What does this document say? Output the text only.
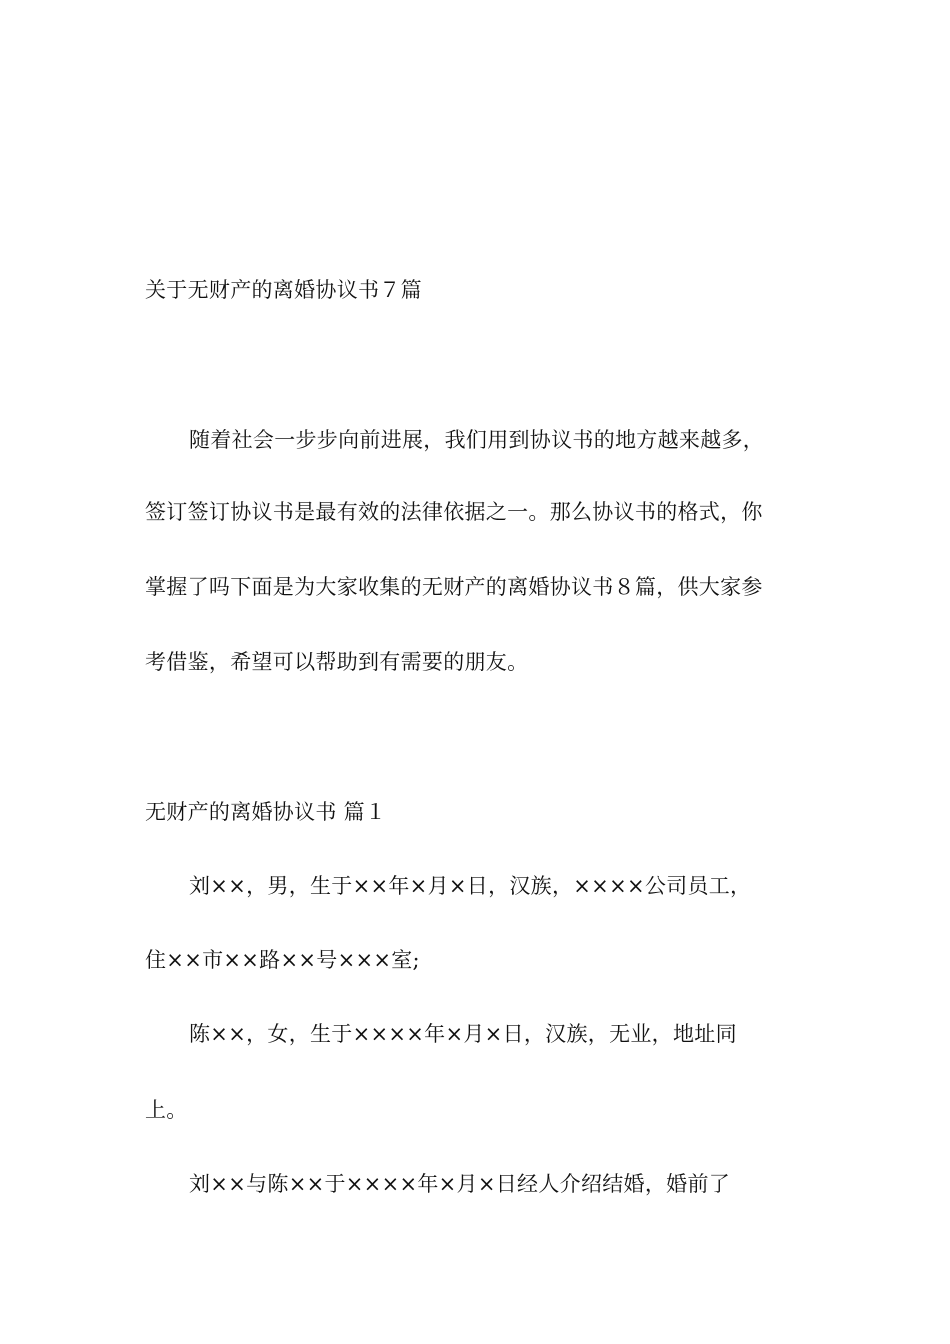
关于无财产的离婚协议书７篇
随着社会一步步向前进展，我们用到协议书的地方越来越多，
签订签订协议书是最有效的法律依据之一。那么协议书的格式，你
掌握了吗下面是为大家收集的无财产的离婚协议书８篇，供大家参
考借鉴，希望可以帮助到有需要的朋友。
无财产的离婚协议书 篇１
刘××，男，生于××年×月×日，汉族，××××公司员工，
住××市××路××号×××室;
陈××，女，生于××××年×月×日，汉族，无业，地址同
上。
刘××与陈××于××××年×月×日经人介绍结婚，婚前了
